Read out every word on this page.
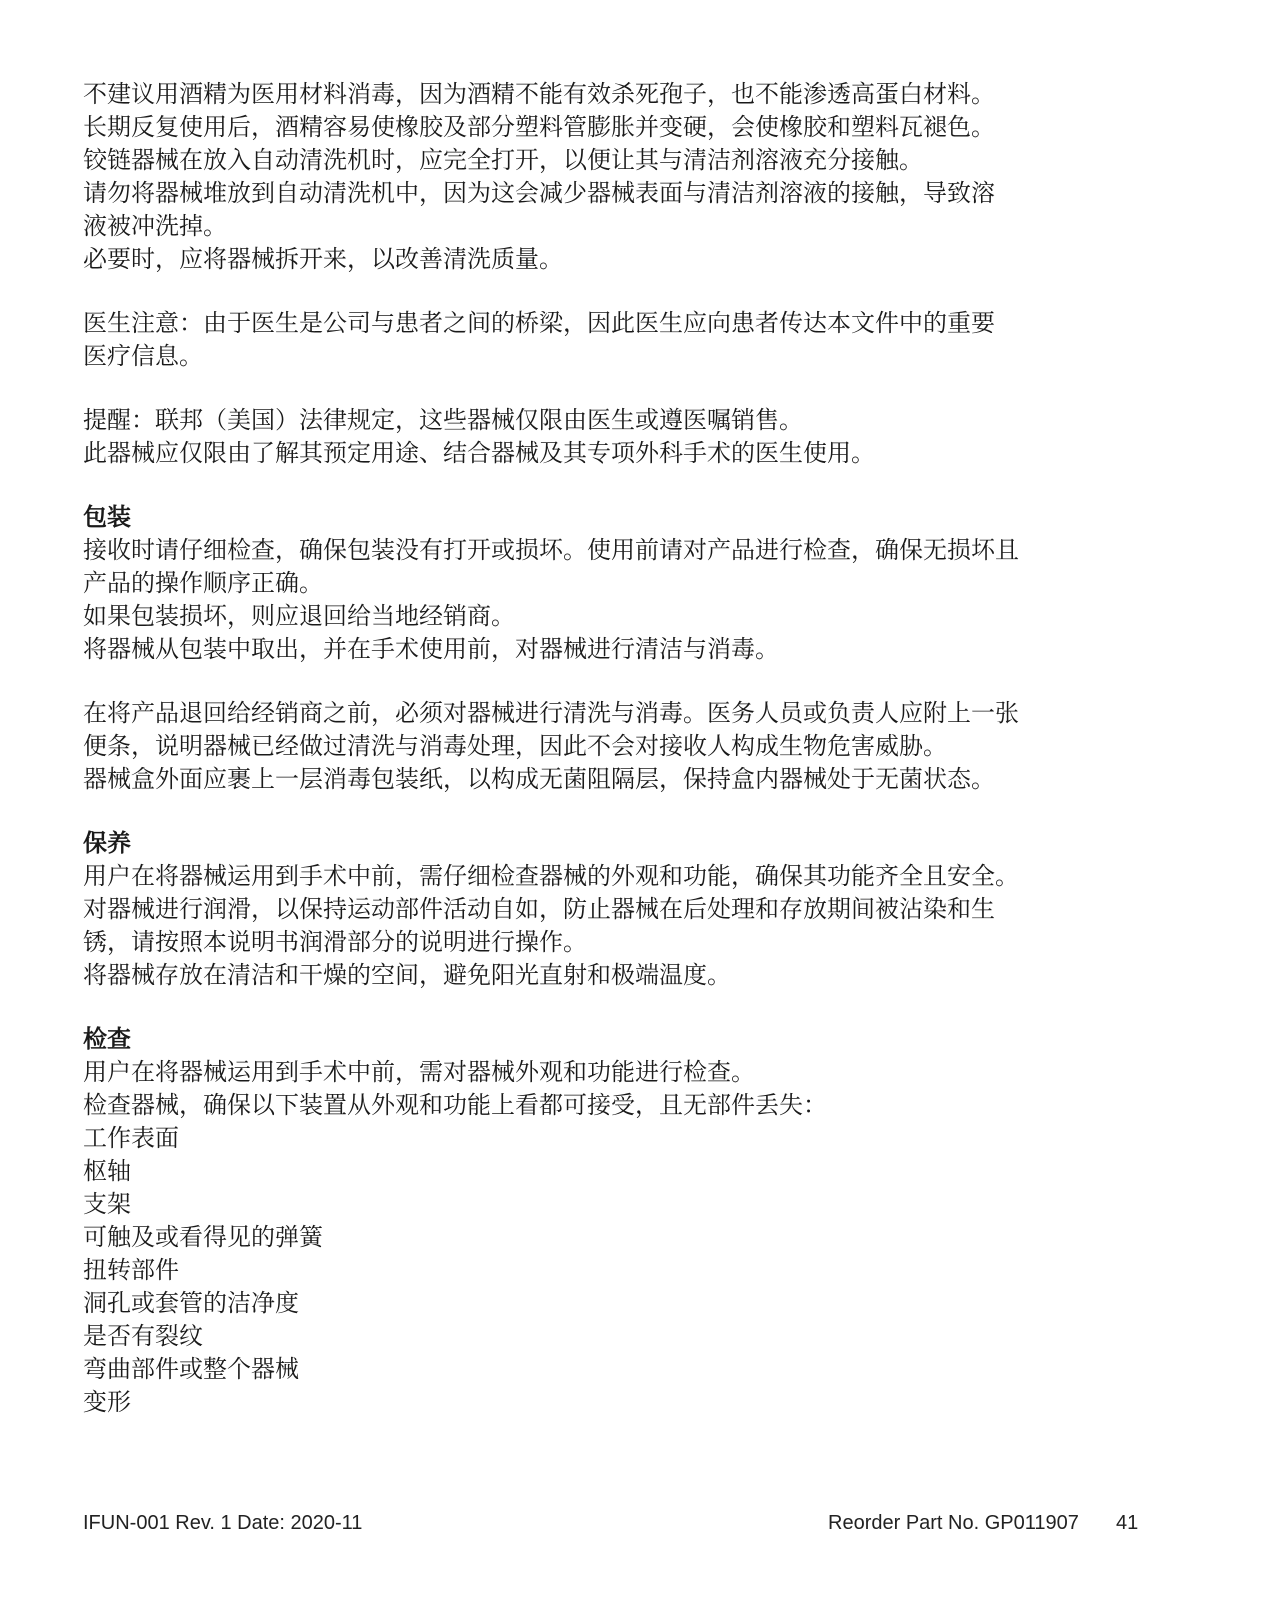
不建议用酒精为医用材料消毒，因为酒精不能有效杀死孢子，也不能渗透高蛋白材料。

长期反复使用后，酒精容易使橡胶及部分塑料管膨胀并变硬，会使橡胶和塑料瓦褪色。

铰链器械在放入自动清洗机时，应完全打开，以便让其与清洁剂溶液充分接触。

请勿将器械堆放到自动清洗机中，因为这会减少器械表面与清洁剂溶液的接触，导致溶

液被冲洗掉。

必要时，应将器械拆开来，以改善清洗质量。

医生注意：由于医生是公司与患者之间的桥梁，因此医生应向患者传达本文件中的重要

医疗信息。

提醒：联邦（美国）法律规定，这些器械仅限由医生或遵医嘱销售。

此器械应仅限由了解其预定用途、结合器械及其专项外科手术的医生使用。

包装

接收时请仔细检查，确保包装没有打开或损坏。使用前请对产品进行检查，确保无损坏且

产品的操作顺序正确。

如果包装损坏，则应退回给当地经销商。

将器械从包装中取出，并在手术使用前，对器械进行清洁与消毒。

在将产品退回给经销商之前，必须对器械进行清洗与消毒。医务人员或负责人应附上一张

便条，说明器械已经做过清洗与消毒处理，因此不会对接收人构成生物危害威胁。

器械盒外面应裹上一层消毒包装纸，以构成无菌阻隔层，保持盒内器械处于无菌状态。

保养

用户在将器械运用到手术中前，需仔细检查器械的外观和功能，确保其功能齐全且安全。

对器械进行润滑，以保持运动部件活动自如，防止器械在后处理和存放期间被沾染和生

锈，请按照本说明书润滑部分的说明进行操作。

将器械存放在清洁和干燥的空间，避免阳光直射和极端温度。

检查

用户在将器械运用到手术中前，需对器械外观和功能进行检查。

检查器械，确保以下装置从外观和功能上看都可接受，且无部件丢失：

工作表面

枢轴

支架

可触及或看得见的弹簧

扭转部件

洞孔或套管的洁净度

是否有裂纹

弯曲部件或整个器械

变形

IFUN-001 Rev. 1 Date: 2020-11	Reorder Part No. GP011907 41
